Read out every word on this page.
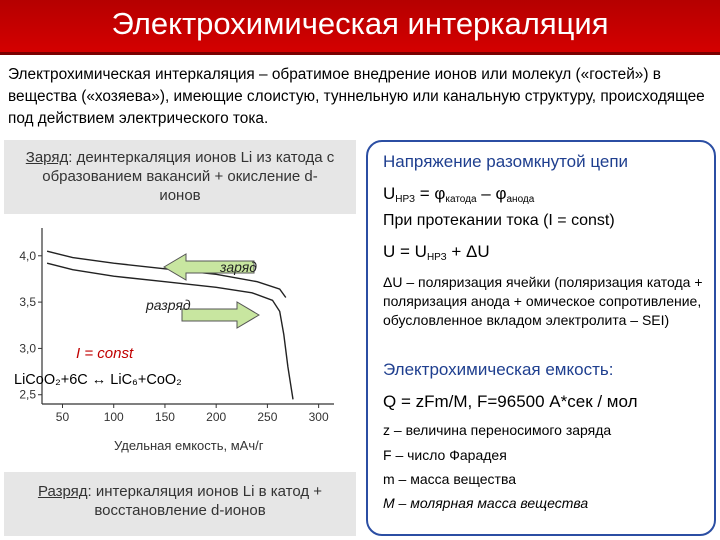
Электрохимическая интеркаляция
Электрохимическая интеркаляция – обратимое внедрение ионов или молекул («гостей») в вещества («хозяева»), имеющие слоистую, туннельную или канальную структуру, происходящее под действием электрического тока.
Заряд: деинтеркаляция ионов Li из катода с образованием вакансий + окисление d-ионов
50	100	150	200	250	300
4,0
3,5
3,0
2,5
заряд
разряд
I = const
Удельная емкость, мАч/г
LiCoO₂+6C ↔ LiC₆+CoO₂
Разряд: интеркаляция ионов Li в катод + восстановление d-ионов
Напряжение разомкнутой цепи
$U_{НРЗ} = \varphi_{катода} - \varphi_{анода}$
При протекании тока (I = const)
$U = U_{НРЗ} + \Delta U$
ΔU – поляризация ячейки (поляризация катода + поляризация анода + омическое сопротивление, обусловленное вкладом электролита – SEI)
Электрохимическая емкость:
Q = zFm/M, F=96500 А*сек / мол
z – величина переносимого заряда
F – число Фарадея
m – масса вещества
M – молярная масса вещества
